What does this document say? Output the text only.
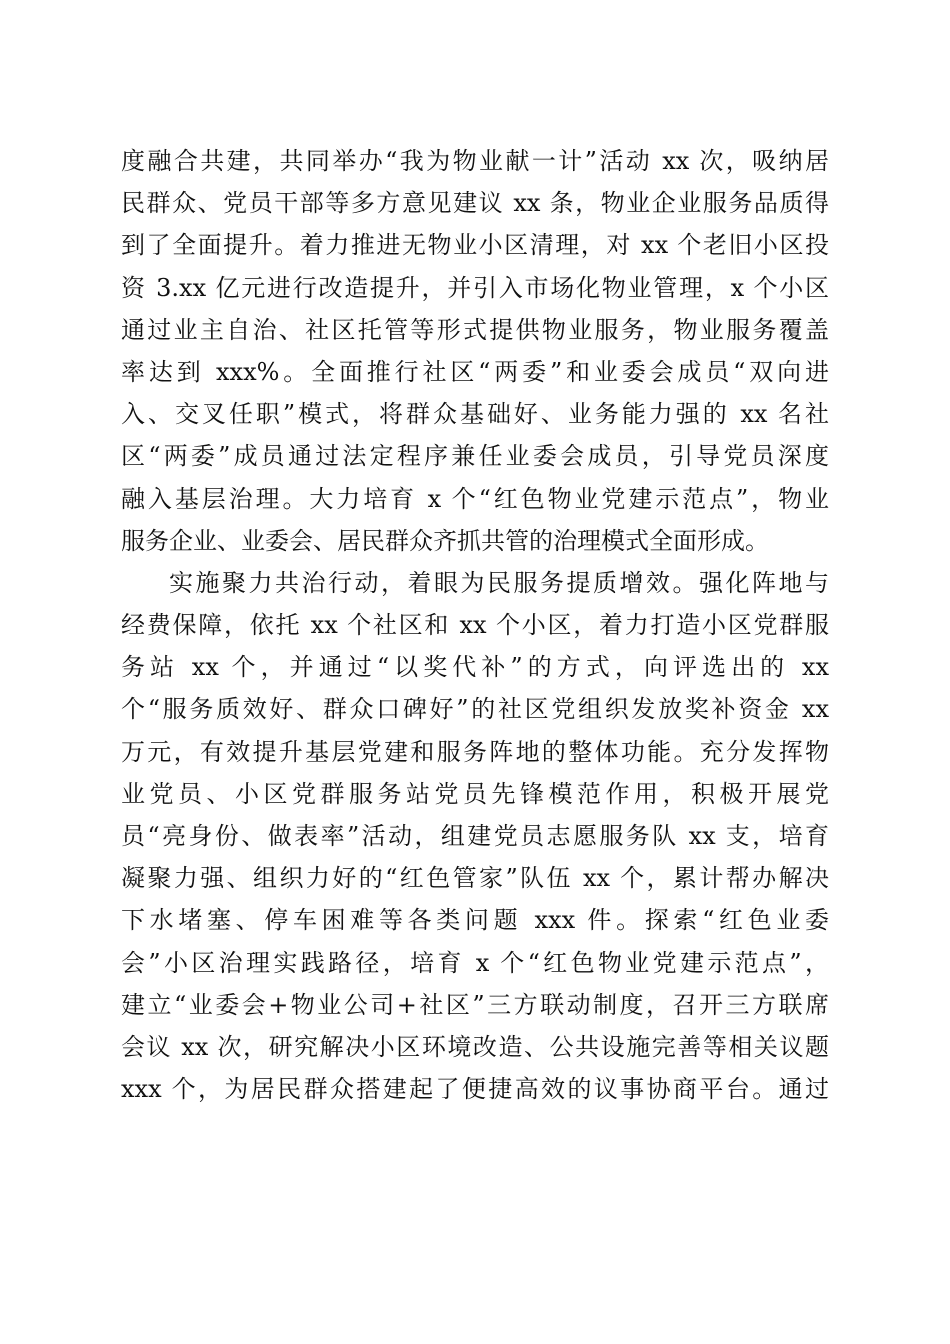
度融合共建，共同举办“我为物业献一计”活动 xx 次，吸纳居
民群众、党员干部等多方意见建议 xx 条，物业企业服务品质得
到了全面提升。着力推进无物业小区清理，对 xx 个老旧小区投
资 3.xx 亿元进行改造提升，并引入市场化物业管理，x 个小区
通过业主自治、社区托管等形式提供物业服务，物业服务覆盖
率达到 xxx%。全面推行社区“两委”和业委会成员“双向进
入、交叉任职”模式，将群众基础好、业务能力强的 xx 名社
区“两委”成员通过法定程序兼任业委会成员，引导党员深度
融入基层治理。大力培育 x 个“红色物业党建示范点”，物业
服务企业、业委会、居民群众齐抓共管的治理模式全面形成。
实施聚力共治行动，着眼为民服务提质增效。强化阵地与
经费保障，依托 xx 个社区和 xx 个小区，着力打造小区党群服
务站 xx 个，并通过“以奖代补”的方式，向评选出的 xx
个“服务质效好、群众口碑好”的社区党组织发放奖补资金 xx
万元，有效提升基层党建和服务阵地的整体功能。充分发挥物
业党员、小区党群服务站党员先锋模范作用，积极开展党
员“亮身份、做表率”活动，组建党员志愿服务队 xx 支，培育
凝聚力强、组织力好的“红色管家”队伍 xx 个，累计帮办解决
下水堵塞、停车困难等各类问题 xxx 件。探索“红色业委
会”小区治理实践路径，培育 x 个“红色物业党建示范点”，
建立“业委会+物业公司+社区”三方联动制度，召开三方联席
会议 xx 次，研究解决小区环境改造、公共设施完善等相关议题
xxx 个，为居民群众搭建起了便捷高效的议事协商平台。通过
